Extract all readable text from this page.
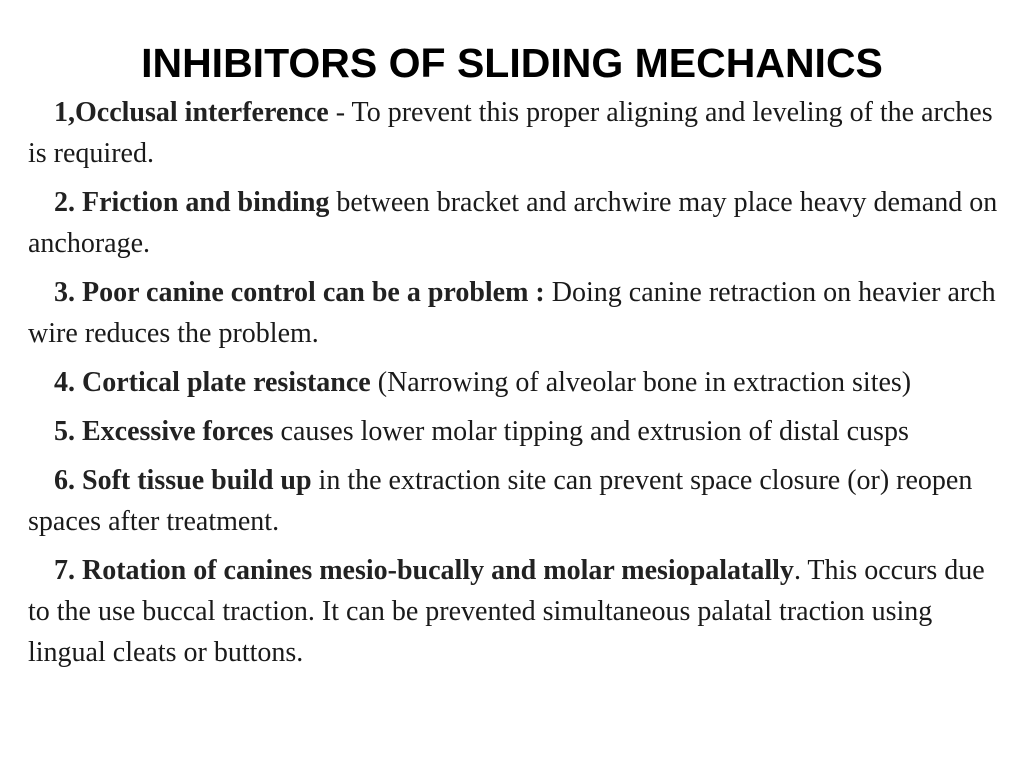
INHIBITORS OF SLIDING MECHANICS

1,Occlusal interference - To prevent this proper aligning and leveling of the arches is required.

2. Friction and binding between bracket and archwire may place heavy demand on anchorage.

3. Poor canine control can be a problem : Doing canine retraction on heavier arch wire reduces the problem.

4. Cortical plate resistance (Narrowing of alveolar bone in extraction sites)

5. Excessive forces causes lower molar tipping and extrusion of distal cusps

6. Soft tissue build up in the extraction site can prevent space closure (or) reopen spaces after treatment.

7. Rotation of canines mesio-bucally and molar mesiopalatally. This occurs due to the use buccal traction. It can be prevented simultaneous palatal traction using lingual cleats or buttons.
